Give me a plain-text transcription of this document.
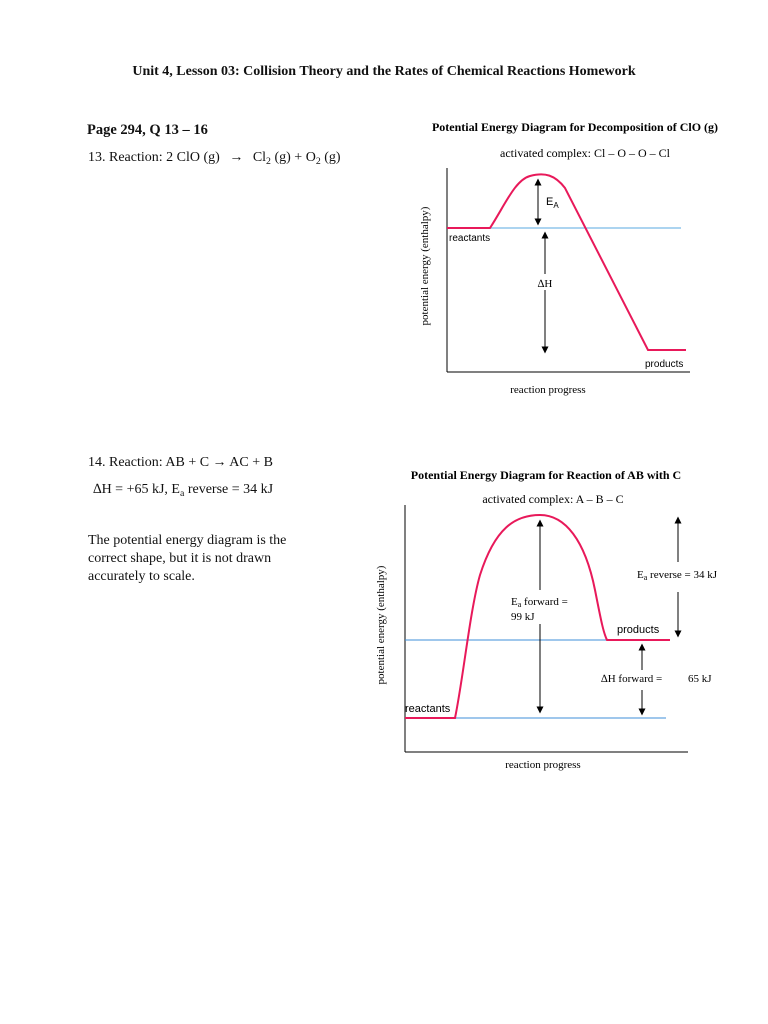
Unit 4, Lesson 03: Collision Theory and the Rates of Chemical Reactions Homework
Page 294, Q 13 – 16
13. Reaction: 2 ClO $(g) \to Cl_2$ $(g) + O_2$ (g)
14. Reaction: AB + C → AC + B
∆H = +65 kJ, $E_a$ reverse = 34 kJ
The potential energy diagram is the correct shape, but it is not drawn accurately to scale.
Potential Energy Diagram for Decomposition of ClO (g)
activated complex: Cl – O – O – Cl
reactants
products
$E_A$
∆H
reaction progress
potential energy (enthalpy)
Potential Energy Diagram for Reaction of AB with C
activated complex: A – B – C
reactants
products
Ea forward =
99 kJ
Ea reverse = 34 kJ
∆H forward = 65 kJ
reaction progress
potential energy (enthalpy)
